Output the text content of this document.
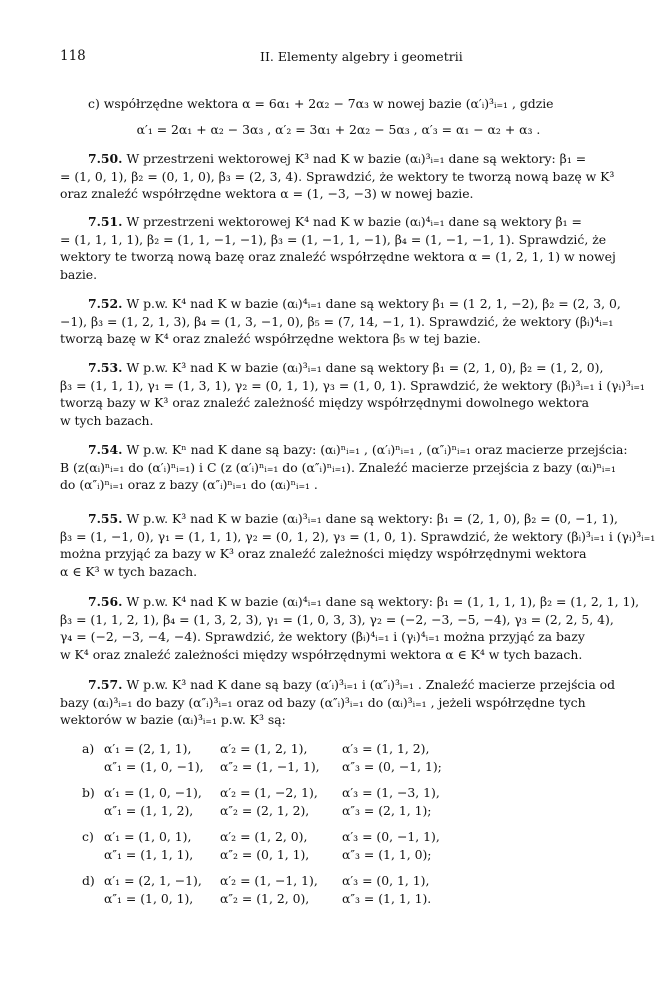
118	II. Elementy algebry i geometrii
c) współrzędne wektora α = 6α₁ + 2α₂ − 7α₃ w nowej bazie (α′ᵢ)³ᵢ₌₁ , gdzie
α′₁ = 2α₁ + α₂ − 3α₃ , α′₂ = 3α₁ + 2α₂ − 5α₃ , α′₃ = α₁ − α₂ + α₃ .
7.50. W przestrzeni wektorowej K³ nad K w bazie (αᵢ)³ᵢ₌₁ dane są wektory: β₁ =
= (1, 0, 1), β₂ = (0, 1, 0), β₃ = (2, 3, 4). Sprawdzić, że wektory te tworzą nową bazę w K³
oraz znaleźć współrzędne wektora α = (1, −3, −3) w nowej bazie.
7.51. W przestrzeni wektorowej K⁴ nad K w bazie (αᵢ)⁴ᵢ₌₁ dane są wektory β₁ =
= (1, 1, 1, 1), β₂ = (1, 1, −1, −1), β₃ = (1, −1, 1, −1), β₄ = (1, −1, −1, 1). Sprawdzić, że
wektory te tworzą nową bazę oraz znaleźć współrzędne wektora α = (1, 2, 1, 1) w nowej
bazie.
7.52. W p.w. K⁴ nad K w bazie (αᵢ)⁴ᵢ₌₁ dane są wektory β₁ = (1 2, 1, −2), β₂ = (2, 3, 0,
−1), β₃ = (1, 2, 1, 3), β₄ = (1, 3, −1, 0), β₅ = (7, 14, −1, 1). Sprawdzić, że wektory (βᵢ)⁴ᵢ₌₁
tworzą bazę w K⁴ oraz znaleźć współrzędne wektora β₅ w tej bazie.
7.53. W p.w. K³ nad K w bazie (αᵢ)³ᵢ₌₁ dane są wektory β₁ = (2, 1, 0), β₂ = (1, 2, 0),
β₃ = (1, 1, 1), γ₁ = (1, 3, 1), γ₂ = (0, 1, 1), γ₃ = (1, 0, 1). Sprawdzić, że wektory (βᵢ)³ᵢ₌₁ i (γᵢ)³ᵢ₌₁
tworzą bazy w K³ oraz znaleźć zależność między współrzędnymi dowolnego wektora
w tych bazach.
7.54. W p.w. Kⁿ nad K dane są bazy: (αᵢ)ⁿᵢ₌₁ , (α′ᵢ)ⁿᵢ₌₁ , (α″ᵢ)ⁿᵢ₌₁ oraz macierze przejścia:
B (z(αᵢ)ⁿᵢ₌₁ do (α′ᵢ)ⁿᵢ₌₁) i C (z (α′ᵢ)ⁿᵢ₌₁ do (α″ᵢ)ⁿᵢ₌₁). Znaleźć macierze przejścia z bazy (αᵢ)ⁿᵢ₌₁
do (α″ᵢ)ⁿᵢ₌₁ oraz z bazy (α″ᵢ)ⁿᵢ₌₁ do (αᵢ)ⁿᵢ₌₁ .
7.55. W p.w. K³ nad K w bazie (αᵢ)³ᵢ₌₁ dane są wektory: β₁ = (2, 1, 0), β₂ = (0, −1, 1),
β₃ = (1, −1, 0), γ₁ = (1, 1, 1), γ₂ = (0, 1, 2), γ₃ = (1, 0, 1). Sprawdzić, że wektory (βᵢ)³ᵢ₌₁ i (γᵢ)³ᵢ₌₁
można przyjąć za bazy w K³ oraz znaleźć zależności między współrzędnymi wektora
α ∈ K³ w tych bazach.
7.56. W p.w. K⁴ nad K w bazie (αᵢ)⁴ᵢ₌₁ dane są wektory: β₁ = (1, 1, 1, 1), β₂ = (1, 2, 1, 1),
β₃ = (1, 1, 2, 1), β₄ = (1, 3, 2, 3), γ₁ = (1, 0, 3, 3), γ₂ = (−2, −3, −5, −4), γ₃ = (2, 2, 5, 4),
γ₄ = (−2, −3, −4, −4). Sprawdzić, że wektory (βᵢ)⁴ᵢ₌₁ i (γᵢ)⁴ᵢ₌₁ można przyjąć za bazy
w K⁴ oraz znaleźć zależności między współrzędnymi wektora α ∈ K⁴ w tych bazach.
7.57. W p.w. K³ nad K dane są bazy (α′ᵢ)³ᵢ₌₁ i (α″ᵢ)³ᵢ₌₁ . Znaleźć macierze przejścia od
bazy (αᵢ)³ᵢ₌₁ do bazy (α″ᵢ)³ᵢ₌₁ oraz od bazy (α″ᵢ)³ᵢ₌₁ do (αᵢ)³ᵢ₌₁ , jeżeli współrzędne tych
wektorów w bazie (αᵢ)³ᵢ₌₁ p.w. K³ są:
a) α′₁ = (2, 1, 1), α′₂ = (1, 2, 1),	α′₃ = (1, 1, 2),
α″₁ = (1, 0, −1), α″₂ = (1, −1, 1), α″₃ = (0, −1, 1);
b) α′₁ = (1, 0, −1), α′₂ = (1, −2, 1), α′₃ = (1, −3, 1),
α″₁ = (1, 1, 2), α″₂ = (2, 1, 2),	α″₃ = (2, 1, 1);
c) α′₁ = (1, 0, 1), α′₂ = (1, 2, 0),	α′₃ = (0, −1, 1),
α″₁ = (1, 1, 1), α″₂ = (0, 1, 1),	α″₃ = (1, 1, 0);
d) α′₁ = (2, 1, −1), α′₂ = (1, −1, 1), α′₃ = (0, 1, 1),
α″₁ = (1, 0, 1), α″₂ = (1, 2, 0),	α″₃ = (1, 1, 1).
